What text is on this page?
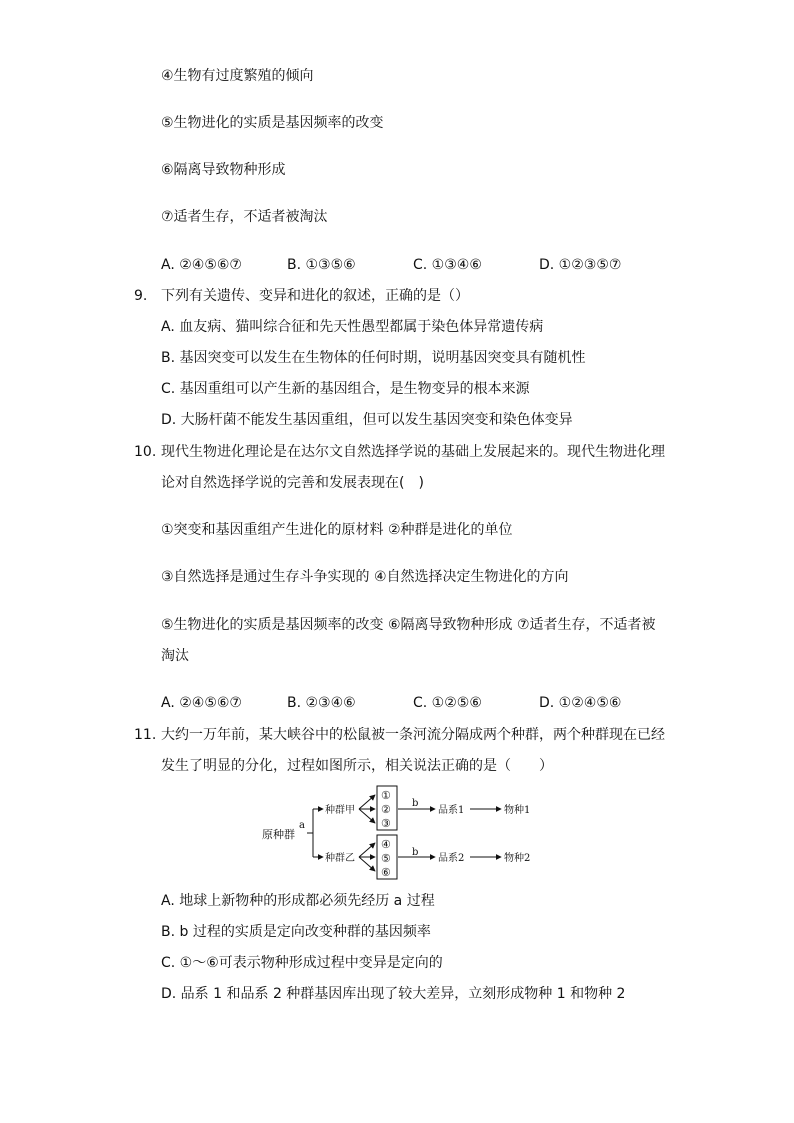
④生物有过度繁殖的倾向
⑤生物进化的实质是基因频率的改变
⑥隔离导致物种形成
⑦适者生存，不适者被淘汰
A. ②④⑤⑥⑦	B. ①③⑤⑥	C. ①③④⑥	D. ①②③⑤⑦
9. 下列有关遗传、变异和进化的叙述，正确的是（）
A. 血友病、猫叫综合征和先天性愚型都属于染色体异常遗传病
B. 基因突变可以发生在生物体的任何时期，说明基因突变具有随机性
C. 基因重组可以产生新的基因组合，是生物变异的根本来源
D. 大肠杆菌不能发生基因重组，但可以发生基因突变和染色体变异
10. 现代生物进化理论是在达尔文自然选择学说的基础上发展起来的。现代生物进化理
论对自然选择学说的完善和发展表现在(　)
①突变和基因重组产生进化的原材料 ②种群是进化的单位
③自然选择是通过生存斗争实现的 ④自然选择决定生物进化的方向
⑤生物进化的实质是基因频率的改变 ⑥隔离导致物种形成 ⑦适者生存，不适者被
淘汰
A. ②④⑤⑥⑦	B. ②③④⑥	C. ①②⑤⑥	D. ①②④⑤⑥
11. 大约一万年前，某大峡谷中的松鼠被一条河流分隔成两个种群，两个种群现在已经
发生了明显的分化，过程如图所示，相关说法正确的是（　　）
原种群
a
种群甲
种群乙
①
②
③
④
⑤
⑥
b
b
品系1
品系2
物种1
物种2
A. 地球上新物种的形成都必须先经历 a 过程
B. b 过程的实质是定向改变种群的基因频率
C. ①～⑥可表示物种形成过程中变异是定向的
D. 品系 1 和品系 2 种群基因库出现了较大差异，立刻形成物种 1 和物种 2
